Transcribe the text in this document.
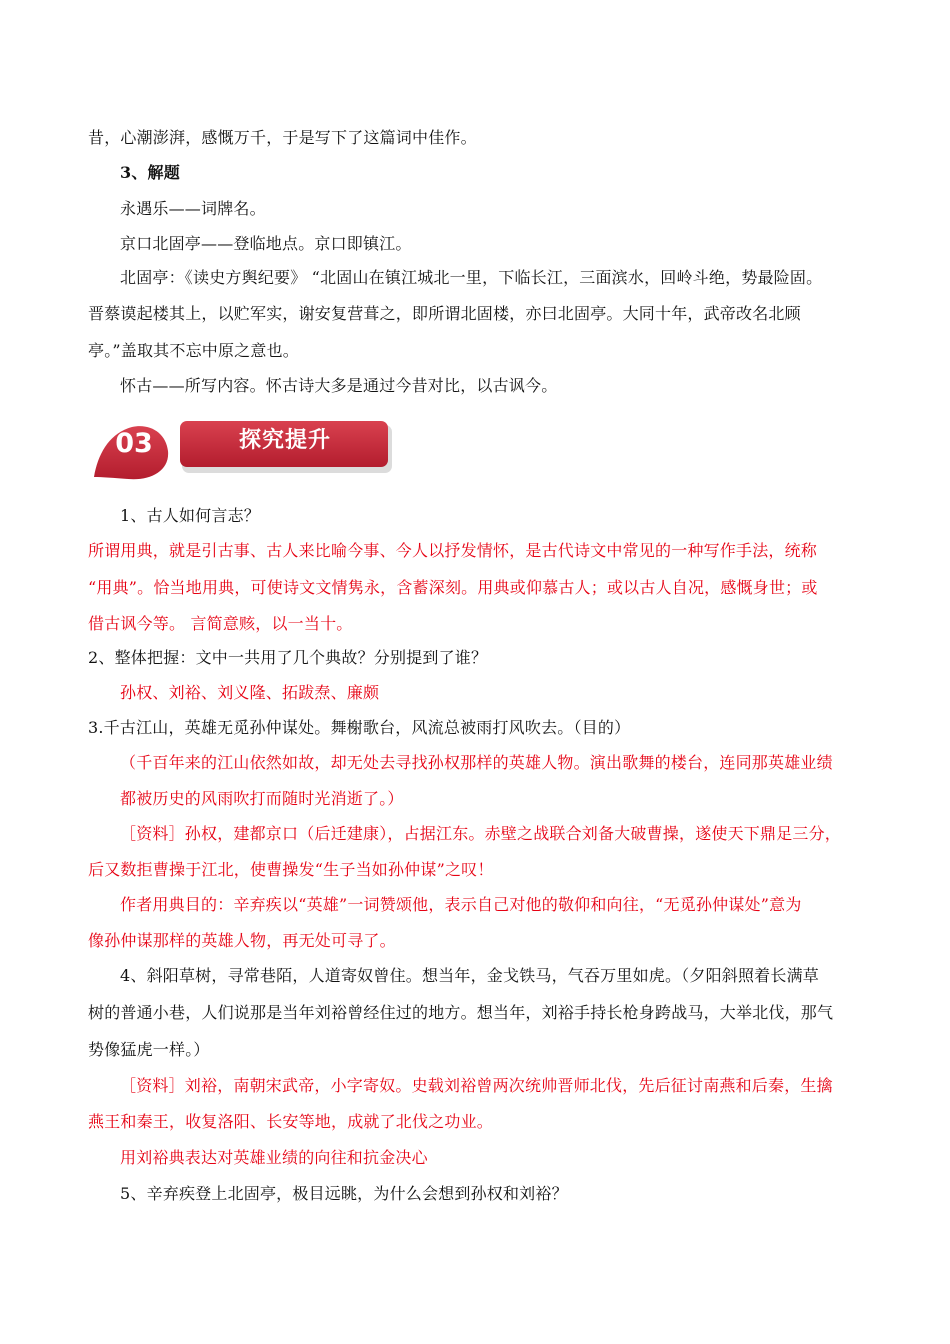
昔，心潮澎湃，感慨万千，于是写下了这篇词中佳作。
3、解题
永遇乐——词牌名。
京口北固亭——登临地点。京口即镇江。
北固亭：《读史方舆纪要》 “北固山在镇江城北一里，下临长江，三面滨水，回岭斗绝，势最险固。
晋蔡谟起楼其上，以贮军实，谢安复营葺之，即所谓北固楼，亦曰北固亭。大同十年，武帝改名北顾
亭。”盖取其不忘中原之意也。
怀古——所写内容。怀古诗大多是通过今昔对比，以古讽今。
03	探究提升
1、古人如何言志？
所谓用典，就是引古事、古人来比喻今事、今人以抒发情怀，是古代诗文中常见的一种写作手法，统称
“用典”。恰当地用典，可使诗文文情隽永，含蓄深刻。用典或仰慕古人；或以古人自况，感慨身世；或
借古讽今等。 言简意赅，以一当十。
2、整体把握：文中一共用了几个典故？分别提到了谁？
孙权、刘裕、刘义隆、拓跋焘、廉颇
3.千古江山，英雄无觅孙仲谋处。舞榭歌台，风流总被雨打风吹去。（目的）
（千百年来的江山依然如故，却无处去寻找孙权那样的英雄人物。演出歌舞的楼台，连同那英雄业绩
都被历史的风雨吹打而随时光消逝了。）
［资料］孙权，建都京口（后迁建康），占据江东。赤壁之战联合刘备大破曹操，遂使天下鼎足三分，
后又数拒曹操于江北，使曹操发“生子当如孙仲谋”之叹！
作者用典目的：辛弃疾以“英雄”一词赞颂他，表示自己对他的敬仰和向往，“无觅孙仲谋处”意为
像孙仲谋那样的英雄人物，再无处可寻了。
4、斜阳草树，寻常巷陌，人道寄奴曾住。想当年，金戈铁马，气吞万里如虎。（夕阳斜照着长满草
树的普通小巷，人们说那是当年刘裕曾经住过的地方。想当年，刘裕手持长枪身跨战马，大举北伐，那气
势像猛虎一样。）
［资料］刘裕，南朝宋武帝，小字寄奴。史载刘裕曾两次统帅晋师北伐，先后征讨南燕和后秦，生擒
燕王和秦王，收复洛阳、长安等地，成就了北伐之功业。
用刘裕典表达对英雄业绩的向往和抗金决心
5、辛弃疾登上北固亭，极目远眺，为什么会想到孙权和刘裕？
